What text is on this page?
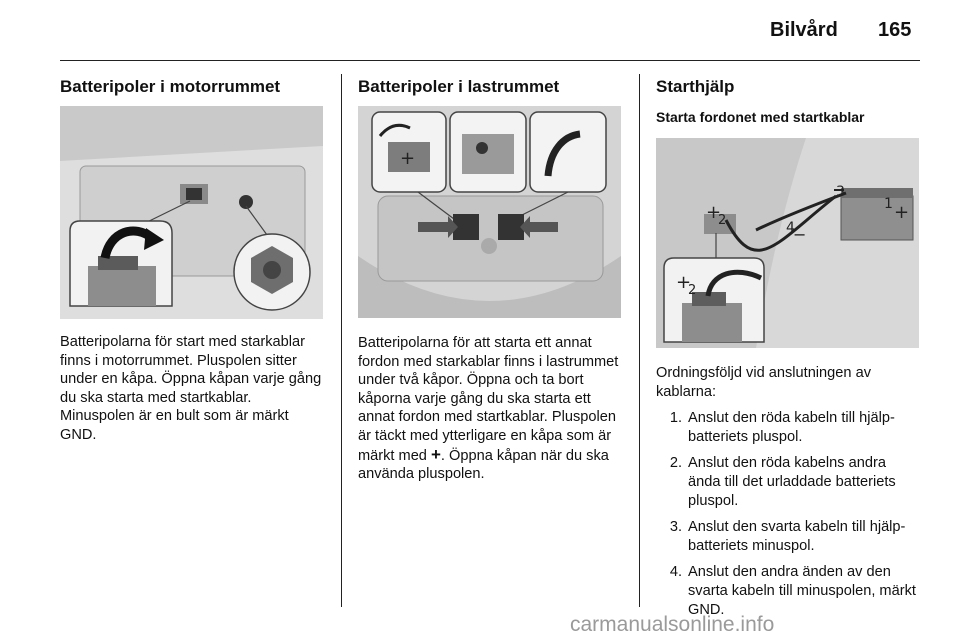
Bilvård 165
Batteripoler i motorrummet

Batteripolarna för start med starkablar finns i motorrummet. Pluspolen sitter under en kåpa. Öppna kåpan varje gång du ska starta med startkablar. Minuspolen är en bult som är märkt GND.

Batteripoler i lastrummet
+

Batteripolarna för att starta ett annat fordon med starkablar finns i lastrummet under två kåpor. Öppna och ta bort kåporna varje gång du ska starta ett annat fordon med startkablar. Pluspolen är täckt med ytterligare en kåpa som är märkt med +. Öppna kåpan när du ska använda pluspolen.

Starthjälp
Starta fordonet med startkablar
3
1 +
4
−
+
2
+
2

Ordningsföljd vid anslutningen av kablarna:

1. Anslut den röda kabeln till hjälpbatteriets pluspol.
2. Anslut den röda kabelns andra ända till det urladdade batteriets pluspol.
3. Anslut den svarta kabeln till hjälpbatteriets minuspol.
4. Anslut den andra änden av den svarta kabeln till minuspolen, märkt GND.
carmanualsonline.info
